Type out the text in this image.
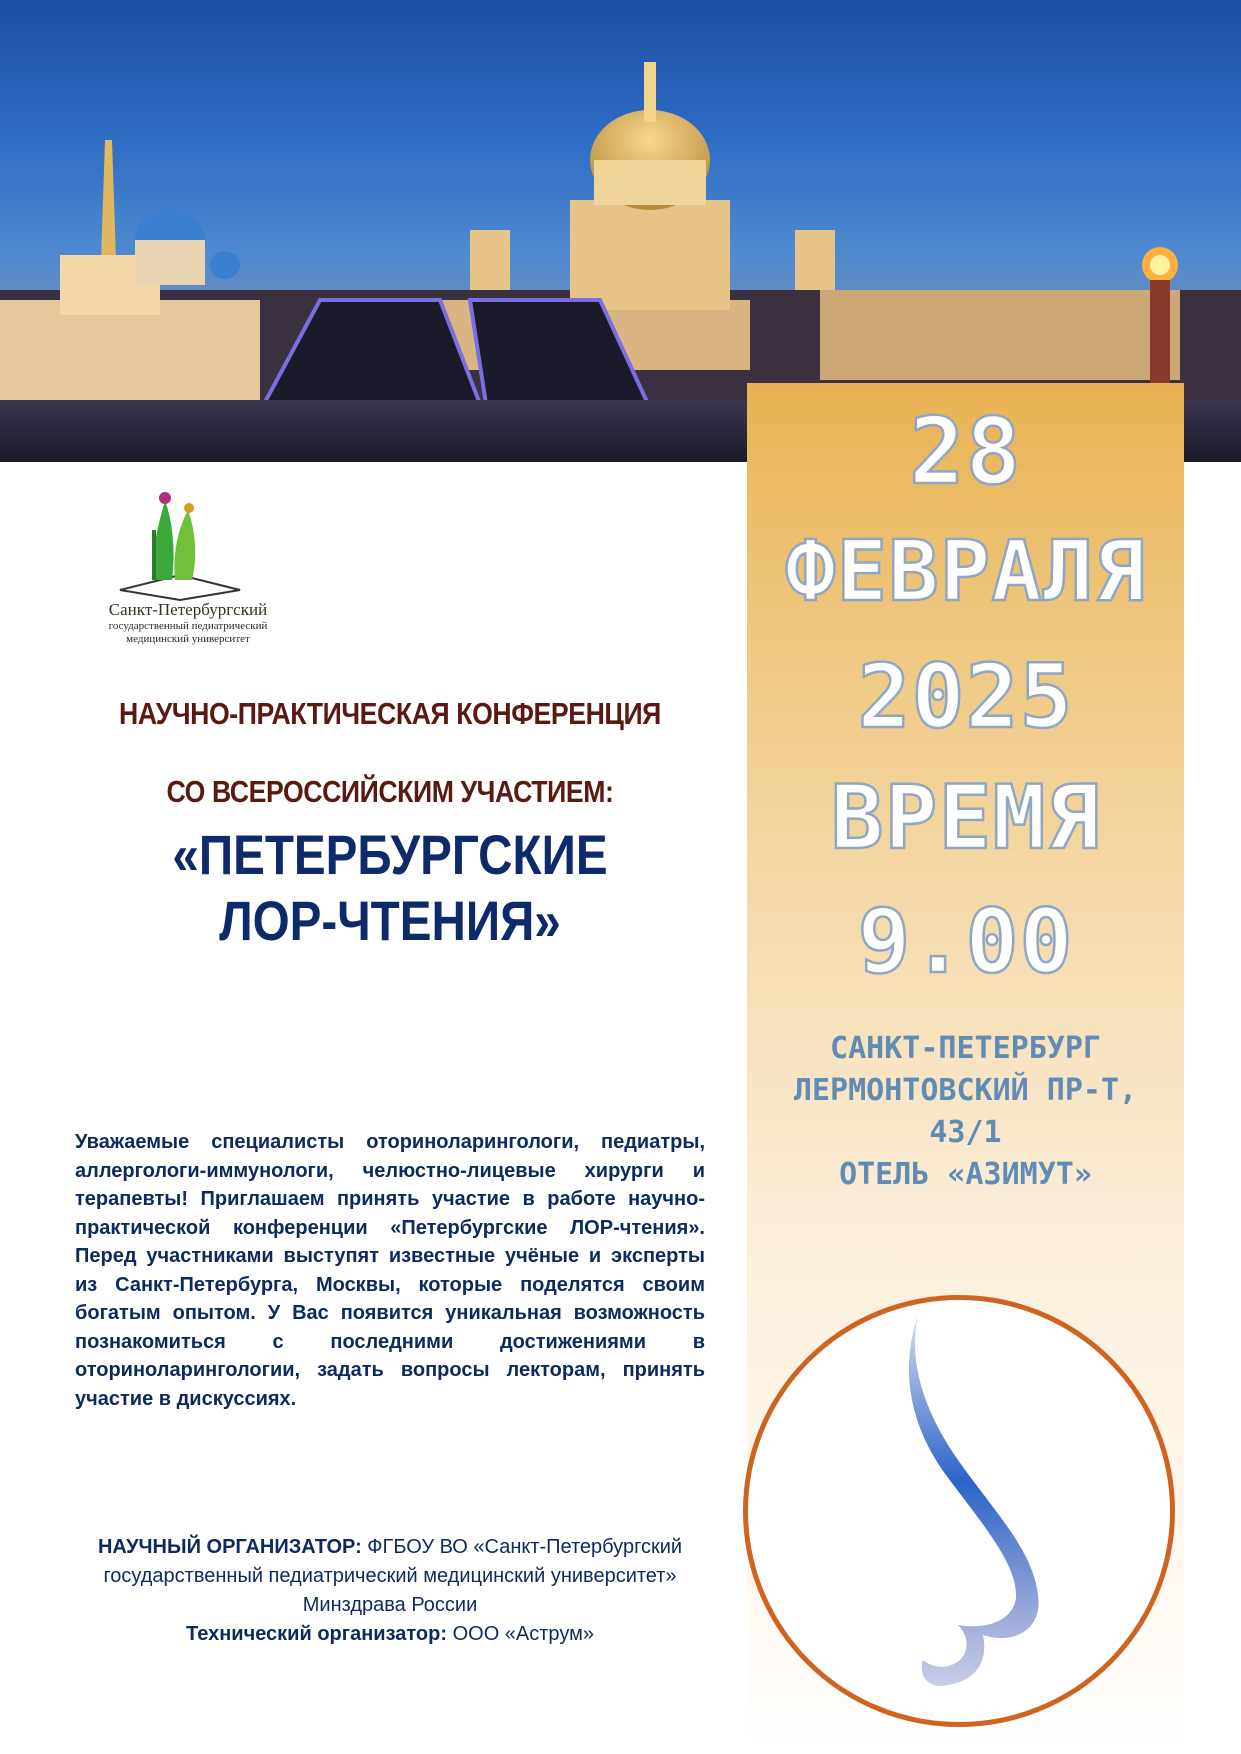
28
ФЕВРАЛЯ
2025
ВРЕМЯ
9.00
САНКТ-ПЕТЕРБУРГ
ЛЕРМОНТОВСКИЙ ПР-Т,
43/1
ОТЕЛЬ «АЗИМУТ»
Санкт-Петербургский
государственный педиатрический
медицинский университет
НАУЧНО-ПРАКТИЧЕСКАЯ КОНФЕРЕНЦИЯ
СО ВСЕРОССИЙСКИМ УЧАСТИЕМ:
«ПЕТЕРБУРГСКИЕ
ЛОР-ЧТЕНИЯ»
Уважаемые специалисты оториноларингологи, педиатры, аллергологи-иммунологи, челюстно-лицевые хирурги и терапевты! Приглашаем принять участие в работе научно-практической конференции «Петербургские ЛОР-чтения». Перед участниками выступят известные учёные и эксперты из Санкт-Петербурга, Москвы, которые поделятся своим богатым опытом. У Вас появится уникальная возможность познакомиться с последними достижениями в оториноларингологии, задать вопросы лекторам, принять участие в дискуссиях.
НАУЧНЫЙ ОРГАНИЗАТОР: ФГБОУ ВО «Санкт-Петербургский государственный педиатрический медицинский университет» Минздрава России
Технический организатор: ООО «Аструм»
